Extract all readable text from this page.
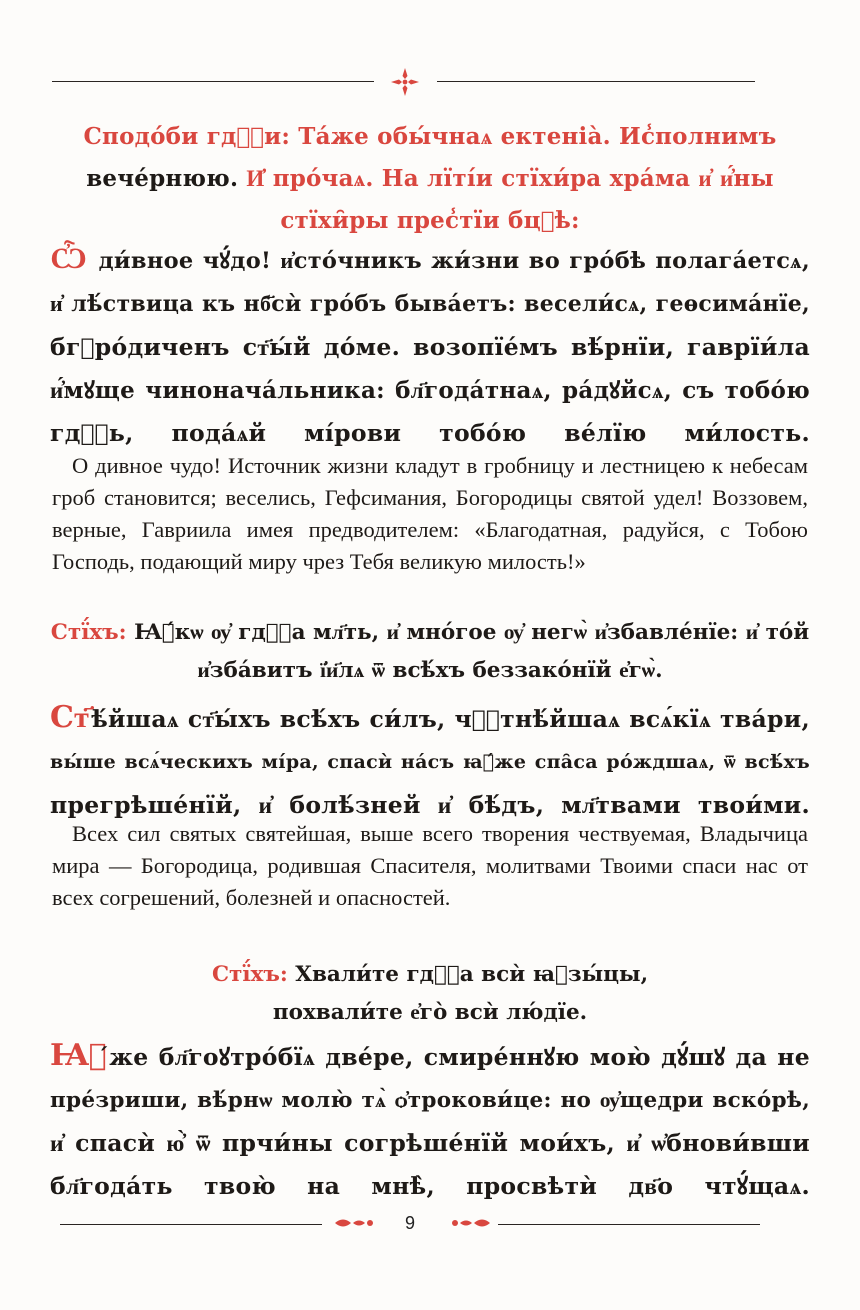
Сподо́би гдⷭ҇и: Та́же обы́чнаѧ ектеніа̀. Ис̾полнимъ
вече́рнюю. И҆ про́чаѧ. На лїті́и стїхи́ра хра́ма и҆ и҆́ны
стїхи̑ры прес̾тїи бцⷣѣ:
Ѽ ди́вное чꙋ́до! и҆сто́чникъ жи́зни во гро́бѣ полага́етсѧ,
и҆ лѣ́ствица къ нб҃сѝ гро́бъ быва́етъ: весели́сѧ, геѳсима́нїе,
бгⷪро́диченъ ст҃ы́й до́ме. возопїе́мъ вѣ́рнїи, гаврїи́ла
и҆́мꙋще чинонача́льника: бл҃года́тнаѧ, ра́дꙋйсѧ, съ тобо́ю
гдⷭ҇ь, пода́ѧй мі́рови тобо́ю ве́лїю ми́лость.

О дивное чудо! Источник жизни кладут в гробницу и лестницею к небесам гроб становится; веселись, Гефсимания, Богородицы святой удел! Воззовем, верные, Гавриила имея предводителем: «Благодатная, радуйся, с Тобою Господь, подающий миру чрез Тебя великую милость!»

Стї́хъ: Ꙗ҆́кѡ ѹ҆ гдⷭ҇а мл҃ть, и҆ мно́гое ѹ҆ негѡ̀ и҆збавле́нїе: и҆ то́й
и҆зба́витъ ї҆и҃лѧ ѿ всѣ́хъ беззако́нїй е҆гѡ̀.
Ст҃ѣ́йшаѧ ст҃ы́хъ всѣ́хъ си́лъ, чⷭ҇тнѣ́йшаѧ всѧ́кїѧ тва́ри,
вы́ше всѧ́ческихъ мі́ра, спасѝ на́съ ꙗ҆́же спа̑са ро́ждшаѧ, ѿ всѣ́хъ
прегрѣше́нїй, и҆ болѣ́зней и҆ бѣ́дъ, мл҃твами твои́ми.

Всех сил святых святейшая, выше всего творения чествуемая, Владычица мира — Богородица, родившая Спасителя, молитвами Твоими спаси нас от всех согрешений, болезней и опасностей.

Стї́хъ: Хвали́те гдⷭ҇а всѝ ꙗ҆зы́цы,
похвали́те е҆го̀ всѝ лю́дїе.
Ꙗ҆́же бл҃гоꙋтро́бїѧ две́ре, смире́ннꙋю мою̀ дꙋ́шꙋ да не
пре́зриши, вѣ́рнѡ молю̀ тѧ̀ ѻ҆трокови́це: но ѹ҆щедри вско́рѣ,
и҆ спасѝ ю҆̀ ѿ прчи́ны согрѣше́нїй мои́хъ, и҆ ѡ҆бнови́вши
бл҃года́ть твою̀ на мнѣ̀, просвѣтѝ дв҃о чтꙋ́щаѧ.
9
